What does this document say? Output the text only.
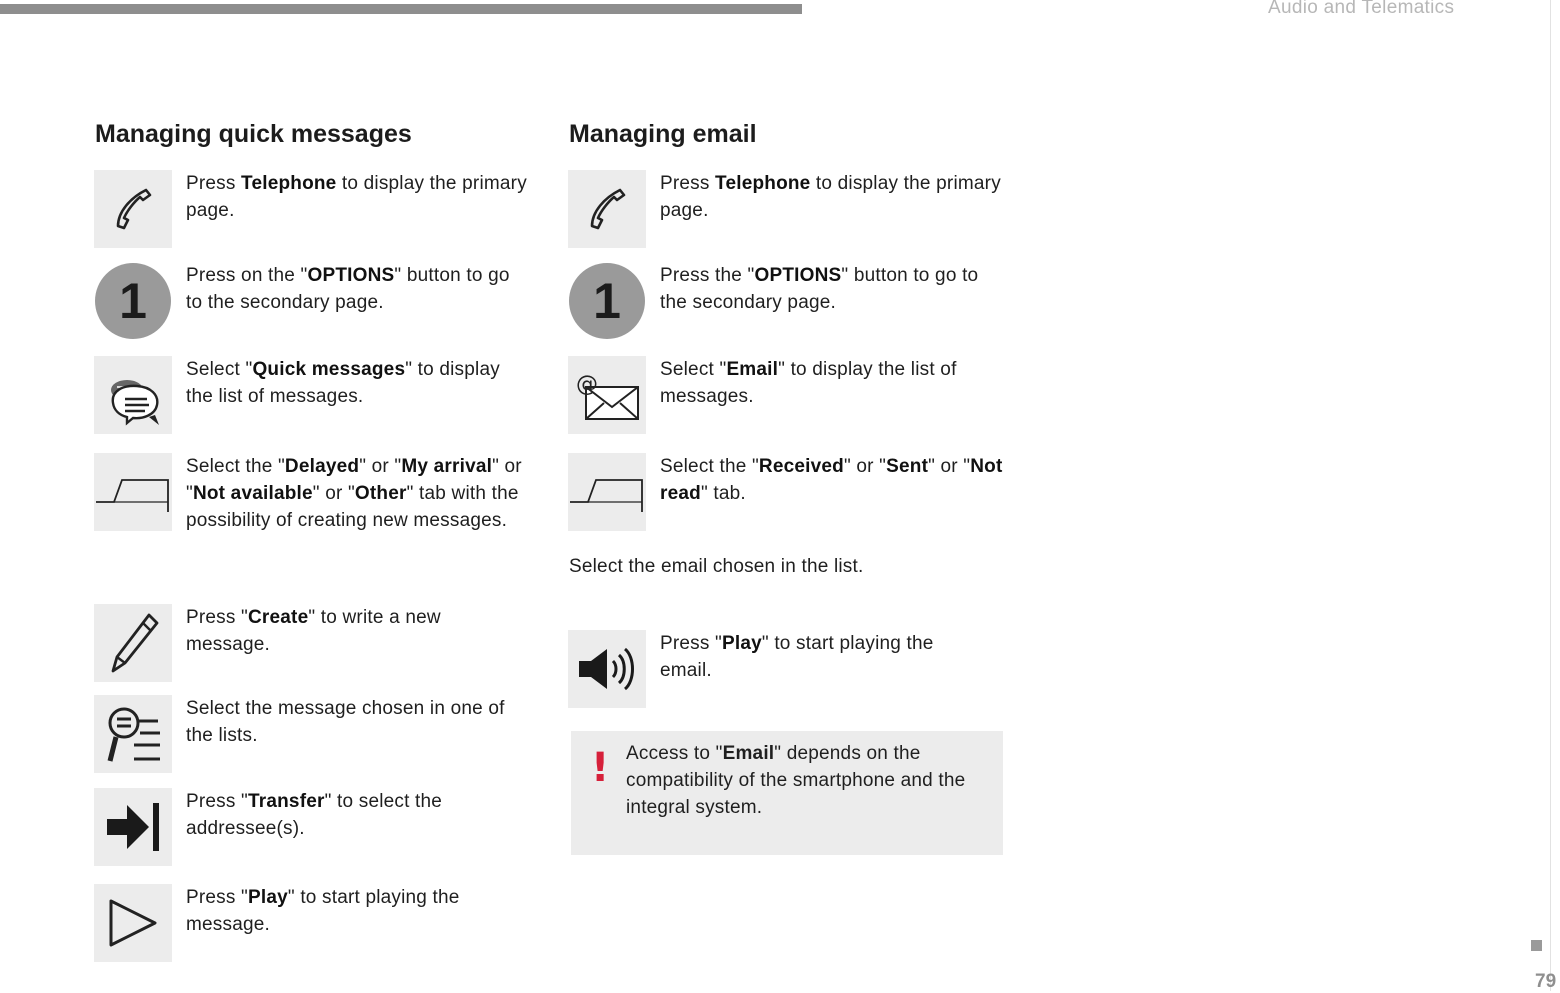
Audio and Telematics
79
Managing quick messages
Press Telephone to display the primary page.
1	Press on the "OPTIONS" button to go to the secondary page.
Select "Quick messages" to display the list of messages.
Select the "Delayed" or "My arrival" or "Not available" or "Other" tab with the possibility of creating new messages.
Press "Create" to write a new message.
Select the message chosen in one of the lists.
Press "Transfer" to select the addressee(s).
Press "Play" to start playing the message.
Managing email
Press Telephone to display the primary page.
1	Press the "OPTIONS" button to go to the secondary page.
@
Select "Email" to display the list of messages.
Select the "Received" or "Sent" or "Not read" tab.
Select the email chosen in the list.
Press "Play" to start playing the email.
! Access to "Email" depends on the compatibility of the smartphone and the integral system.
